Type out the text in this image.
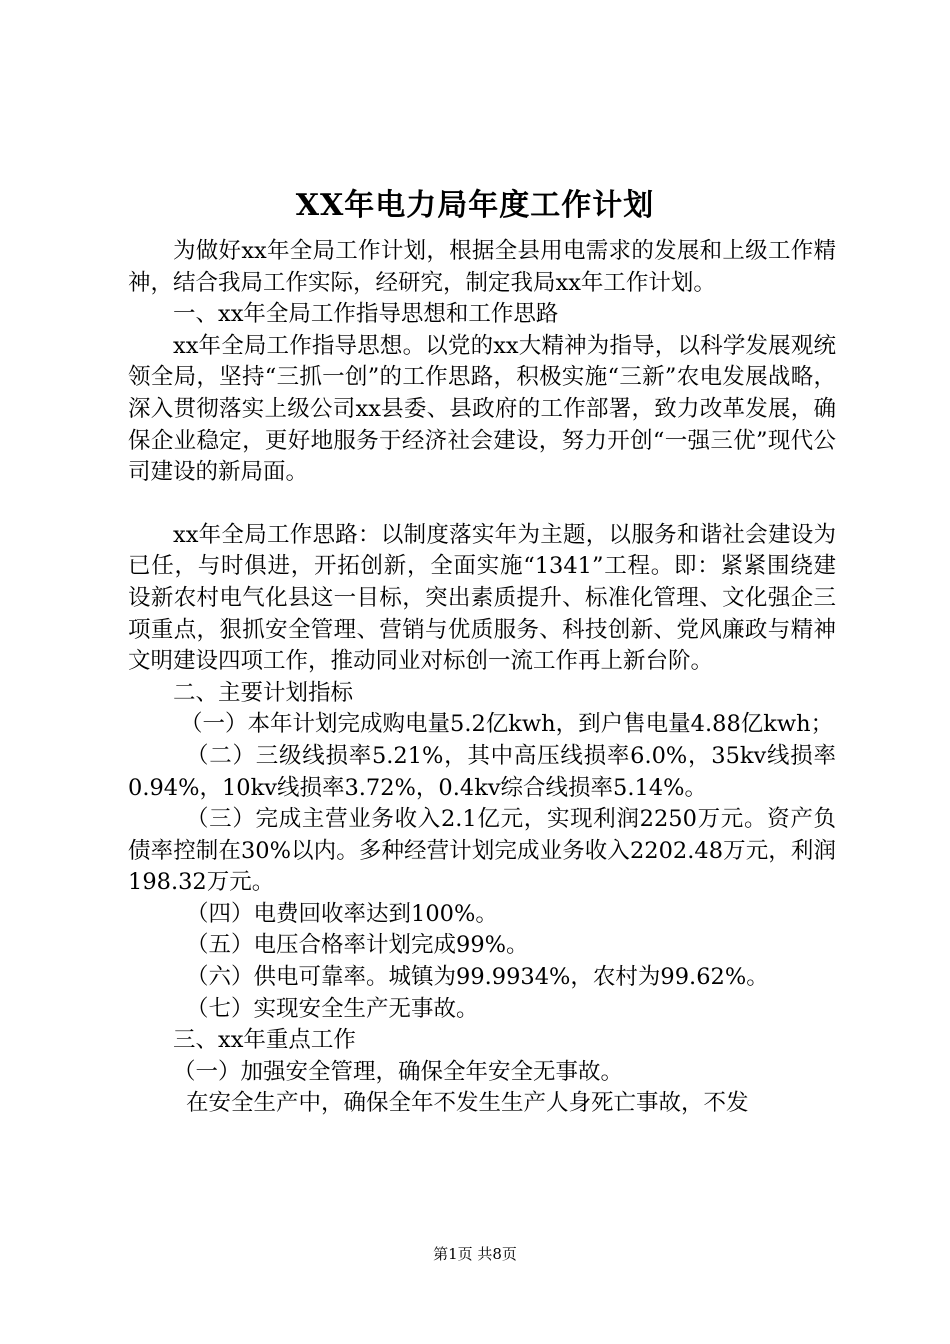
XX年电力局年度工作计划

为做好xx年全局工作计划，根据全县用电需求的发展和上级工作精神，结合我局工作实际，经研究，制定我局xx年工作计划。

一、xx年全局工作指导思想和工作思路

xx年全局工作指导思想。以党的xx大精神为指导，以科学发展观统领全局，坚持“三抓一创”的工作思路，积极实施“三新”农电发展战略，深入贯彻落实上级公司xx县委、县政府的工作部署，致力改革发展，确保企业稳定，更好地服务于经济社会建设，努力开创“一强三优”现代公司建设的新局面。

xx年全局工作思路：以制度落实年为主题，以服务和谐社会建设为已任，与时俱进，开拓创新，全面实施“1341”工程。即：紧紧围绕建设新农村电气化县这一目标，突出素质提升、标准化管理、文化强企三项重点，狠抓安全管理、营销与优质服务、科技创新、党风廉政与精神文明建设四项工作，推动同业对标创一流工作再上新台阶。

二、主要计划指标

（一）本年计划完成购电量5.2亿kwh，到户售电量4.88亿kwh；

（二）三级线损率5.21%，其中高压线损率6.0%，35kv线损率0.94%，10kv线损率3.72%，0.4kv综合线损率5.14%。

（三）完成主营业务收入2.1亿元，实现利润2250万元。资产负债率控制在30%以内。多种经营计划完成业务收入2202.48万元，利润198.32万元。

（四）电费回收率达到100%。

（五）电压合格率计划完成99%。

（六）供电可靠率。城镇为99.9934%，农村为99.62%。

（七）实现安全生产无事故。

三、xx年重点工作

（一）加强安全管理，确保全年安全无事故。

在安全生产中，确保全年不发生生产人身死亡事故，不发

第1页 共8页
